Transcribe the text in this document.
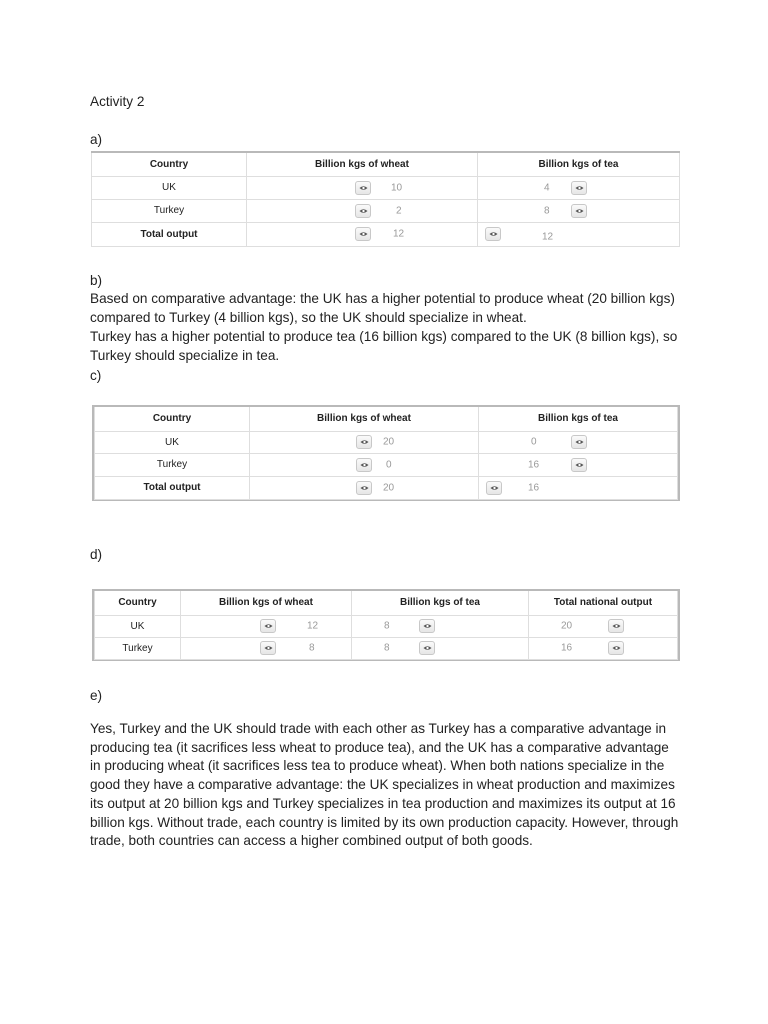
Activity 2
a)
Country	Billion kgs of wheat	Billion kgs of tea
UK	10	4

Turkey	2	8

Total output	12	12
b)
Based on comparative advantage: the UK has a higher potential to produce wheat (20 billion kgs) compared to Turkey (4 billion kgs), so the UK should specialize in wheat.
Turkey has a higher potential to produce tea (16 billion kgs) compared to the UK (8 billion kgs), so Turkey should specialize in tea.
c)
Country	Billion kgs of wheat	Billion kgs of tea
UK	20	0

Turkey	0	16

Total output	20	16
d)
Country	Billion kgs of wheat	Billion kgs of tea	Total national output
UK	12	8	20

Turkey	8	8	16
e)
Yes, Turkey and the UK should trade with each other as Turkey has a comparative advantage in producing tea (it sacrifices less wheat to produce tea), and the UK has a comparative advantage in producing wheat (it sacrifices less tea to produce wheat). When both nations specialize in the good they have a comparative advantage: the UK specializes in wheat production and maximizes its output at 20 billion kgs and Turkey specializes in tea production and maximizes its output at 16 billion kgs. Without trade, each country is limited by its own production capacity. However, through trade, both countries can access a higher combined output of both goods.
